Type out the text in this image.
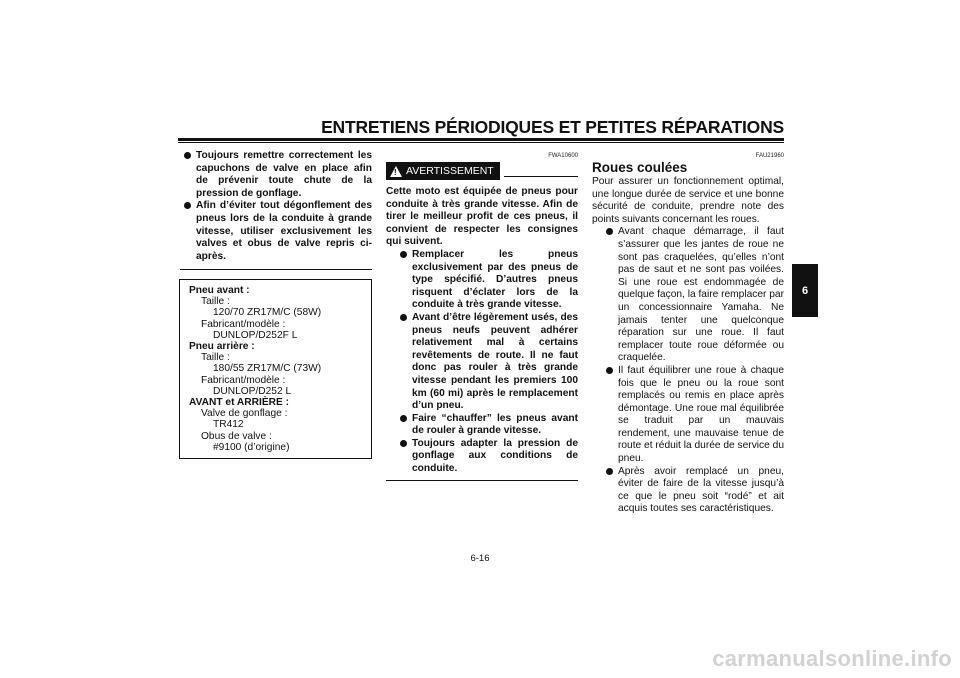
ENTRETIENS PÉRIODIQUES ET PETITES RÉPARATIONS
Toujours remettre correctement les capuchons de valve en place afin de prévenir toute chute de la pression de gonflage.
Afin d’éviter tout dégonflement des pneus lors de la conduite à grande vitesse, utiliser exclusivement les valves et obus de valve repris ci-après.
Pneu avant :
Taille :
120/70 ZR17M/C (58W)
Fabricant/modèle :
DUNLOP/D252F L
Pneu arrière :
Taille :
180/55 ZR17M/C (73W)
Fabricant/modèle :
DUNLOP/D252 L
AVANT et ARRIÈRE :
Valve de gonflage :
TR412
Obus de valve :
#9100 (d’origine)
FWA10600
! AVERTISSEMENT
Cette moto est équipée de pneus pour conduite à très grande vitesse. Afin de tirer le meilleur profit de ces pneus, il convient de respecter les consignes qui suivent.
Remplacer les pneus exclusivement par des pneus de type spécifié. D’autres pneus risquent d’éclater lors de la conduite à très grande vitesse.
Avant d’être légèrement usés, des pneus neufs peuvent adhérer relativement mal à certains revêtements de route. Il ne faut donc pas rouler à très grande vitesse pendant les premiers 100 km (60 mi) après le remplacement d’un pneu.
Faire “chauffer” les pneus avant de rouler à grande vitesse.
Toujours adapter la pression de gonflage aux conditions de conduite.
FAU21960
Roues coulées
Pour assurer un fonctionnement optimal, une longue durée de service et une bonne sécurité de conduite, prendre note des points suivants concernant les roues.
Avant chaque démarrage, il faut s’assurer que les jantes de roue ne sont pas craquelées, qu’elles n’ont pas de saut et ne sont pas voilées. Si une roue est endommagée de quelque façon, la faire remplacer par un concessionnaire Yamaha. Ne jamais tenter une quelconque réparation sur une roue. Il faut remplacer toute roue déformée ou craquelée.
Il faut équilibrer une roue à chaque fois que le pneu ou la roue sont remplacés ou remis en place après démontage. Une roue mal équilibrée se traduit par un mauvais rendement, une mauvaise tenue de route et réduit la durée de service du pneu.
Après avoir remplacé un pneu, éviter de faire de la vitesse jusqu’à ce que le pneu soit “rodé” et ait acquis toutes ses caractéristiques.
6
6-16
carmanualsonline.info
